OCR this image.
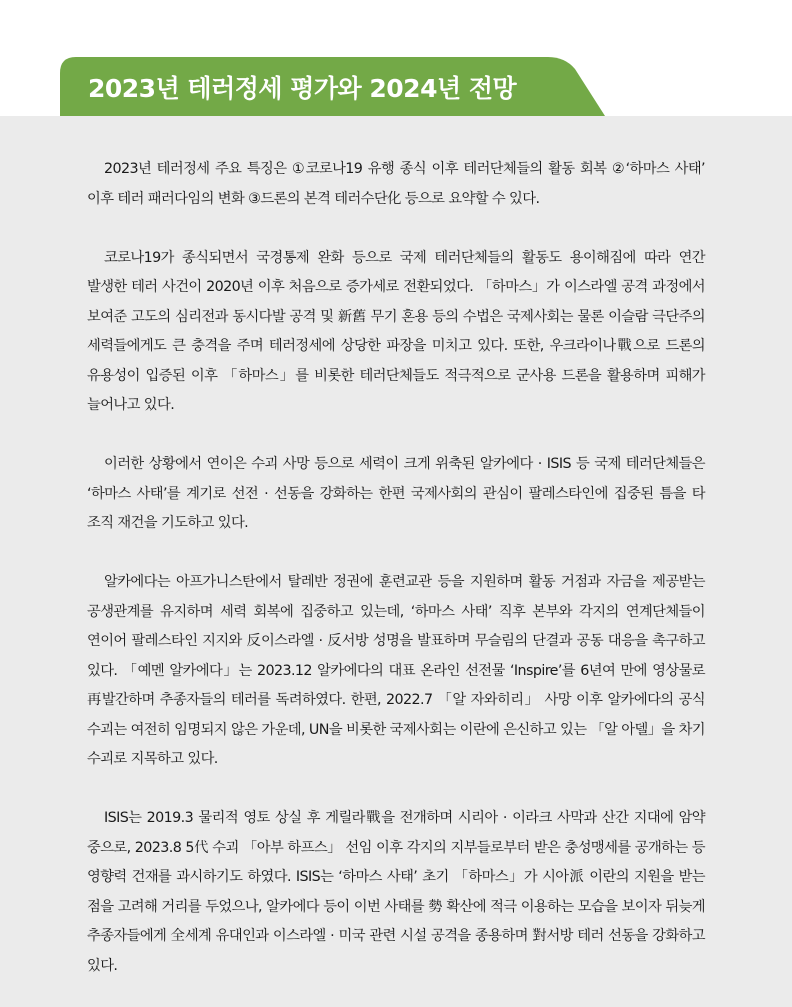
2023년 테러정세 평가와 2024년 전망

2023년 테러정세 주요 특징은 ①코로나19 유행 종식 이후 테러단체들의 활동 회복 ②‘하마스 사태’ 이후 테러 패러다임의 변화 ③드론의 본격 테러수단化 등으로 요약할 수 있다.

코로나19가 종식되면서 국경통제 완화 등으로 국제 테러단체들의 활동도 용이해짐에 따라 연간 발생한 테러 사건이 2020년 이후 처음으로 증가세로 전환되었다. 「하마스」가 이스라엘 공격 과정에서 보여준 고도의 심리전과 동시다발 공격 및 新舊 무기 혼용 등의 수법은 국제사회는 물론 이슬람 극단주의 세력들에게도 큰 충격을 주며 테러정세에 상당한 파장을 미치고 있다. 또한, 우크라이나戰으로 드론의 유용성이 입증된 이후 「하마스」를 비롯한 테러단체들도 적극적으로 군사용 드론을 활용하며 피해가 늘어나고 있다.

이러한 상황에서 연이은 수괴 사망 등으로 세력이 크게 위축된 알카에다 · ISIS 등 국제 테러단체들은 ‘하마스 사태’를 계기로 선전 · 선동을 강화하는 한편 국제사회의 관심이 팔레스타인에 집중된 틈을 타 조직 재건을 기도하고 있다.

알카에다는 아프가니스탄에서 탈레반 정권에 훈련교관 등을 지원하며 활동 거점과 자금을 제공받는 공생관계를 유지하며 세력 회복에 집중하고 있는데, ‘하마스 사태’ 직후 본부와 각지의 연계단체들이 연이어 팔레스타인 지지와 反이스라엘 · 反서방 성명을 발표하며 무슬림의 단결과 공동 대응을 촉구하고 있다. 「예멘 알카에다」는 2023.12 알카에다의 대표 온라인 선전물 ‘Inspire’를 6년여 만에 영상물로 再발간하며 추종자들의 테러를 독려하였다. 한편, 2022.7 「알 자와히리」 사망 이후 알카에다의 공식 수괴는 여전히 임명되지 않은 가운데, UN을 비롯한 국제사회는 이란에 은신하고 있는 「알 아델」을 차기 수괴로 지목하고 있다.

ISIS는 2019.3 물리적 영토 상실 후 게릴라戰을 전개하며 시리아 · 이라크 사막과 산간 지대에 암약 중으로, 2023.8 5代 수괴 「아부 하프스」 선임 이후 각지의 지부들로부터 받은 충성맹세를 공개하는 등 영향력 건재를 과시하기도 하였다. ISIS는 ‘하마스 사태’ 초기 「하마스」가 시아派 이란의 지원을 받는 점을 고려해 거리를 두었으나, 알카에다 등이 이번 사태를 勢 확산에 적극 이용하는 모습을 보이자 뒤늦게 추종자들에게 全세계 유대인과 이스라엘 · 미국 관련 시설 공격을 종용하며 對서방 테러 선동을 강화하고 있다.
